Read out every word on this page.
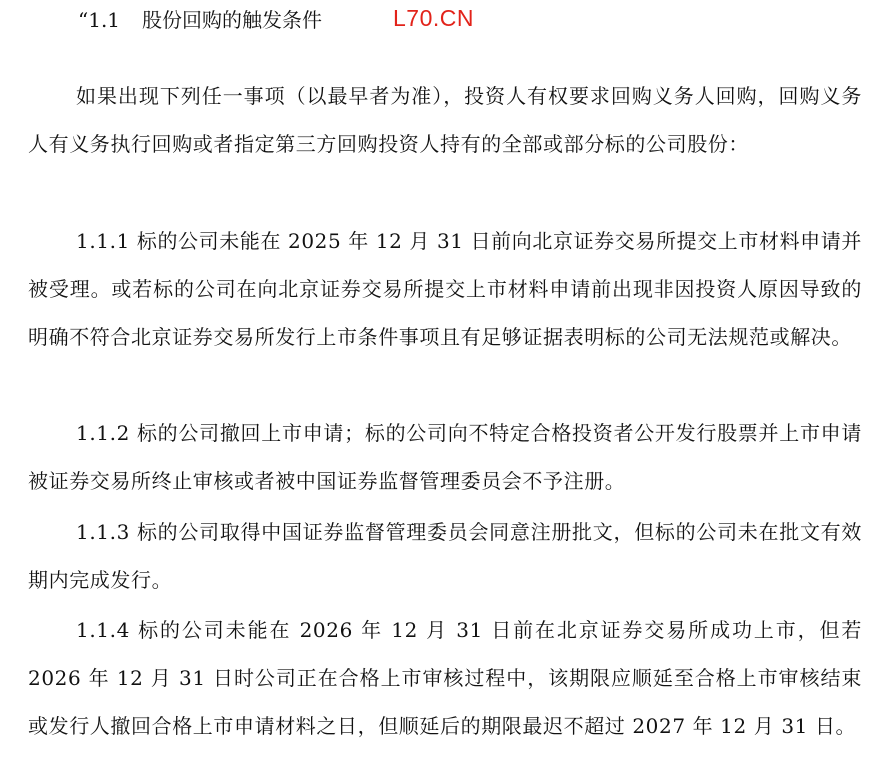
“1.1 股份回购的触发条件	L70.CN

如果出现下列任一事项（以最早者为准），投资人有权要求回购义务人回购，回购义务人有义务执行回购或者指定第三方回购投资人持有的全部或部分标的公司股份：

1.1.1 标的公司未能在 2025 年 12 月 31 日前向北京证券交易所提交上市材料申请并被受理。或若标的公司在向北京证券交易所提交上市材料申请前出现非因投资人原因导致的明确不符合北京证券交易所发行上市条件事项且有足够证据表明标的公司无法规范或解决。

1.1.2 标的公司撤回上市申请；标的公司向不特定合格投资者公开发行股票并上市申请被证券交易所终止审核或者被中国证券监督管理委员会不予注册。

1.1.3 标的公司取得中国证券监督管理委员会同意注册批文，但标的公司未在批文有效期内完成发行。

1.1.4 标的公司未能在 2026 年 12 月 31 日前在北京证券交易所成功上市，但若 2026 年 12 月 31 日时公司正在合格上市审核过程中，该期限应顺延至合格上市审核结束或发行人撤回合格上市申请材料之日，但顺延后的期限最迟不超过 2027 年 12 月 31 日。
